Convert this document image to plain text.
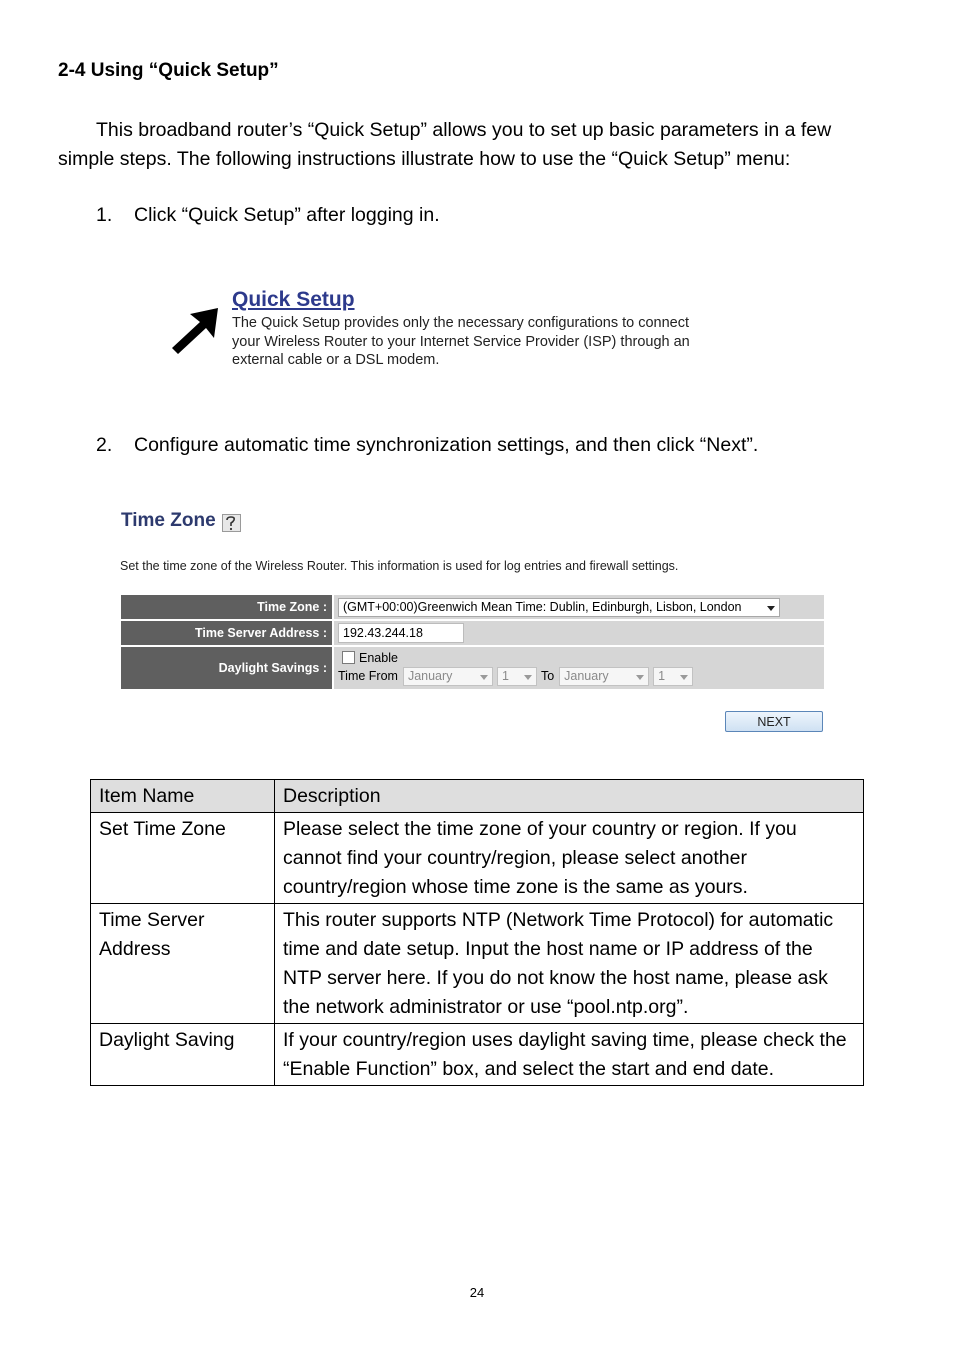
2-4 Using “Quick Setup”
This broadband router’s “Quick Setup” allows you to set up basic parameters in a few simple steps. The following instructions illustrate how to use the “Quick Setup” menu:
1. Click “Quick Setup” after logging in.
Quick Setup
The Quick Setup provides only the necessary configurations to connect your Wireless Router to your Internet Service Provider (ISP) through an external cable or a DSL modem.
2. Configure automatic time synchronization settings, and then click “Next”.
Time Zone
Set the time zone of the Wireless Router. This information is used for log entries and firewall settings.
Time Zone :	(GMT+00:00)Greenwich Mean Time: Dublin, Edinburgh, Lisbon, London
Time Server Address :	192.43.244.18
Daylight Savings :
Enable
Time From January	1	To January	1
NEXT
Item Name	Description
Set Time Zone	Please select the time zone of your country or region. If you cannot find your country/region, please select another country/region whose time zone is the same as yours.
Time Server Address	This router supports NTP (Network Time Protocol) for automatic time and date setup. Input the host name or IP address of the NTP server here. If you do not know the host name, please ask the network administrator or use “pool.ntp.org”.
Daylight Saving	If your country/region uses daylight saving time, please check the “Enable Function” box, and select the start and end date.
24
